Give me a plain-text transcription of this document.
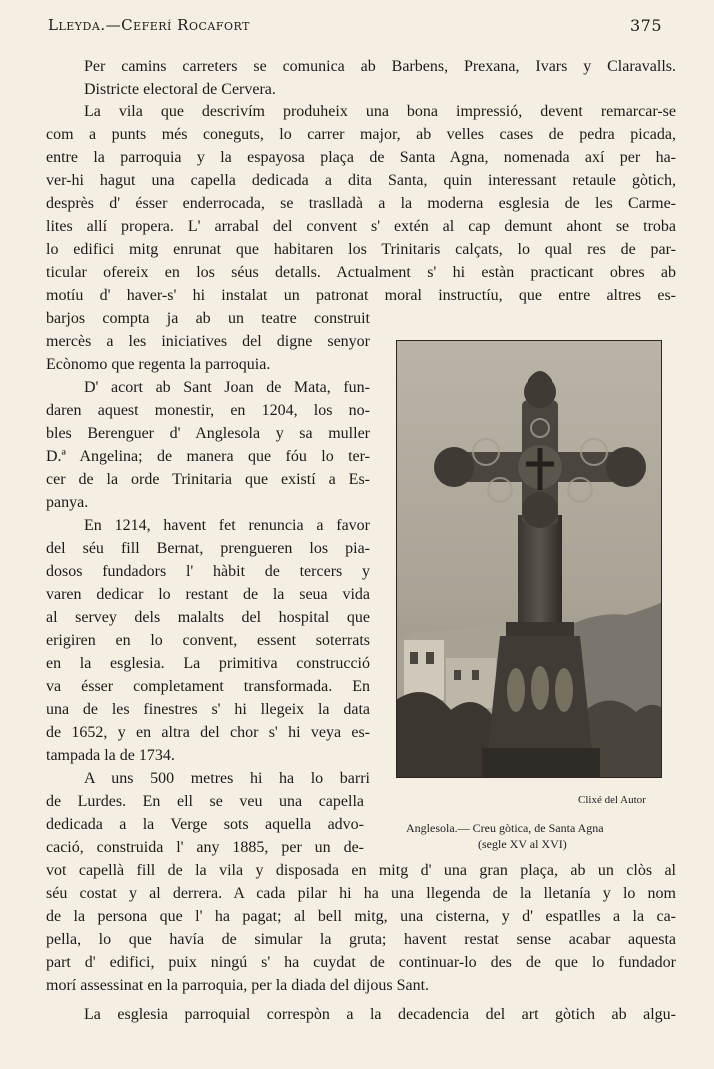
Lleyda.—Ceferí Rocafort	375
Per camins carreters se comunica ab Barbens, Prexana, Ivars y Claravalls.
Districte electoral de Cervera.
La vila que descrivím produheix una bona impressió, devent remarcar-se
com a punts més coneguts, lo carrer major, ab velles cases de pedra picada,
entre la parroquia y la espayosa plaça de Santa Agna, nomenada axí per ha-
ver-hi hagut una capella dedicada a dita Santa, quin interessant retaule gòtich,
desprès d' ésser enderrocada, se traslladà a la moderna esglesia de les Carme-
lites allí propera. L' arrabal del convent s' extén al cap demunt ahont se troba
lo edifici mitg enrunat que habitaren los Trinitaris calçats, lo qual res de par-
ticular ofereix en los séus detalls. Actualment s' hi estàn practicant obres ab
motíu d' haver-s' hi instalat un patronat moral instructíu, que entre altres es-
barjos compta ja ab un teatre construit
mercès a les iniciatives del digne senyor
Ecònomo que regenta la parroquia.
D' acort ab Sant Joan de Mata, fun-
daren aquest monestir, en 1204, los no-
bles Berenguer d' Anglesola y sa muller
D.ª Angelina; de manera que fóu lo ter-
cer de la orde Trinitaria que existí a Es-
panya.
En 1214, havent fet renuncia a favor
del séu fill Bernat, prengueren los pia-
dosos fundadors l' hàbit de tercers y
varen dedicar lo restant de la seua vida
al servey dels malalts del hospital que
erigiren en lo convent, essent soterrats
en la esglesia. La primitiva construcció
va ésser completament transformada. En
una de les finestres s' hi llegeix la data
de 1652, y en altra del chor s' hi veya es-
tampada la de 1734.
A uns 500 metres hi ha lo barri
de Lurdes. En ell se veu una capella
dedicada a la Verge sots aquella advo-
cació, construida l' any 1885, per un de-
vot capellà fill de la vila y disposada en mitg d' una gran plaça, ab un clòs al
séu costat y al derrera. A cada pilar hi ha una llegenda de la lletanía y lo nom
de la persona que l' ha pagat; al bell mitg, una cisterna, y d' espatlles a la ca-
pella, lo que havía de simular la gruta; havent restat sense acabar aquesta
part d' edifici, puix ningú s' ha cuydat de continuar-lo des de que lo fundador
morí assessinat en la parroquia, per la diada del dijous Sant.
La esglesia parroquial correspòn a la decadencia del art gòtich ab algu-
Clixé del Autor
Anglesola.— Creu gòtica, de Santa Agna
(segle XV al XVI)
